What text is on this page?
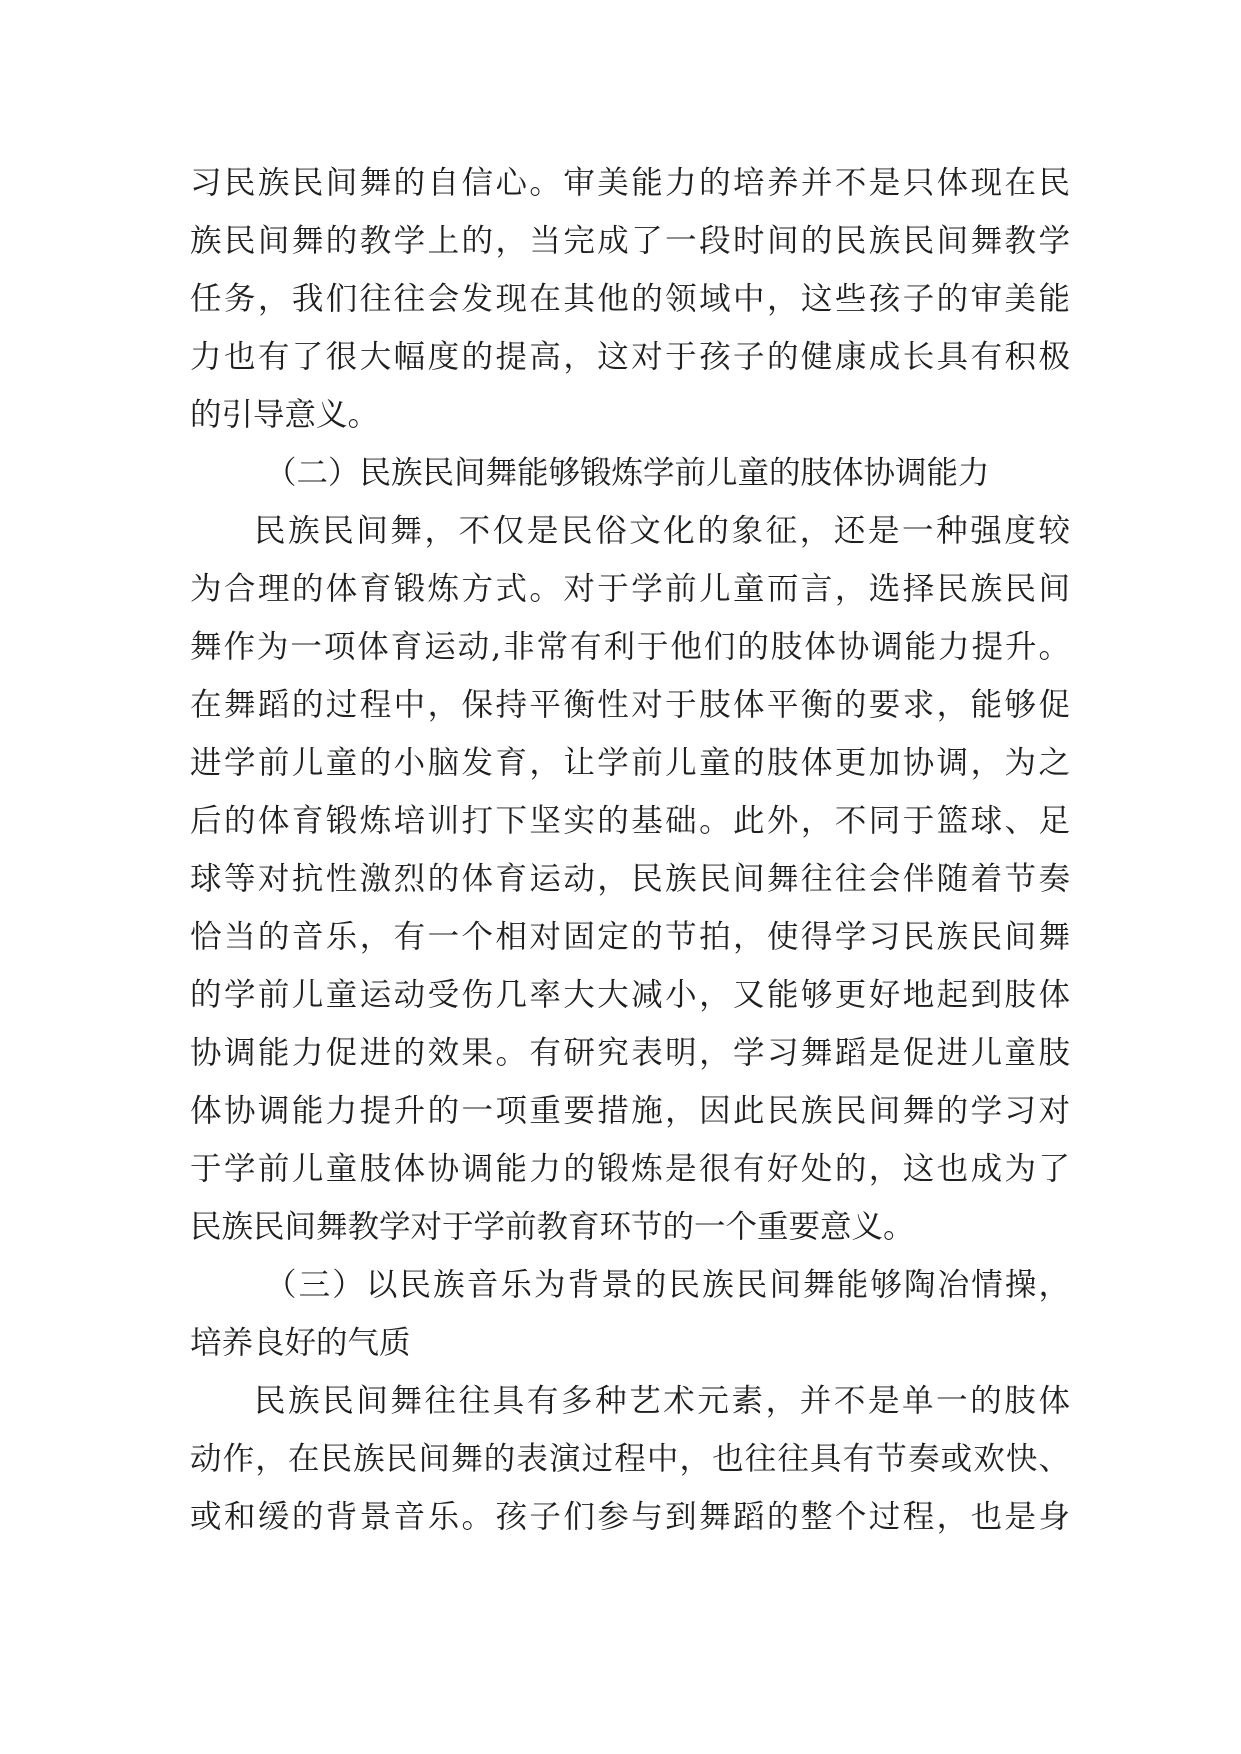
习民族民间舞的自信心。审美能力的培养并不是只体现在民
族民间舞的教学上的，当完成了一段时间的民族民间舞教学
任务，我们往往会发现在其他的领域中，这些孩子的审美能
力也有了很大幅度的提高，这对于孩子的健康成长具有积极
的引导意义。
（二）民族民间舞能够锻炼学前儿童的肢体协调能力
民族民间舞，不仅是民俗文化的象征，还是一种强度较
为合理的体育锻炼方式。对于学前儿童而言，选择民族民间
舞作为一项体育运动,非常有利于他们的肢体协调能力提升。
在舞蹈的过程中，保持平衡性对于肢体平衡的要求，能够促
进学前儿童的小脑发育，让学前儿童的肢体更加协调，为之
后的体育锻炼培训打下坚实的基础。此外，不同于篮球、足
球等对抗性激烈的体育运动，民族民间舞往往会伴随着节奏
恰当的音乐，有一个相对固定的节拍，使得学习民族民间舞
的学前儿童运动受伤几率大大减小，又能够更好地起到肢体
协调能力促进的效果。有研究表明，学习舞蹈是促进儿童肢
体协调能力提升的一项重要措施，因此民族民间舞的学习对
于学前儿童肢体协调能力的锻炼是很有好处的，这也成为了
民族民间舞教学对于学前教育环节的一个重要意义。
（三）以民族音乐为背景的民族民间舞能够陶冶情操，
培养良好的气质
民族民间舞往往具有多种艺术元素，并不是单一的肢体
动作，在民族民间舞的表演过程中，也往往具有节奏或欢快、
或和缓的背景音乐。孩子们参与到舞蹈的整个过程，也是身
